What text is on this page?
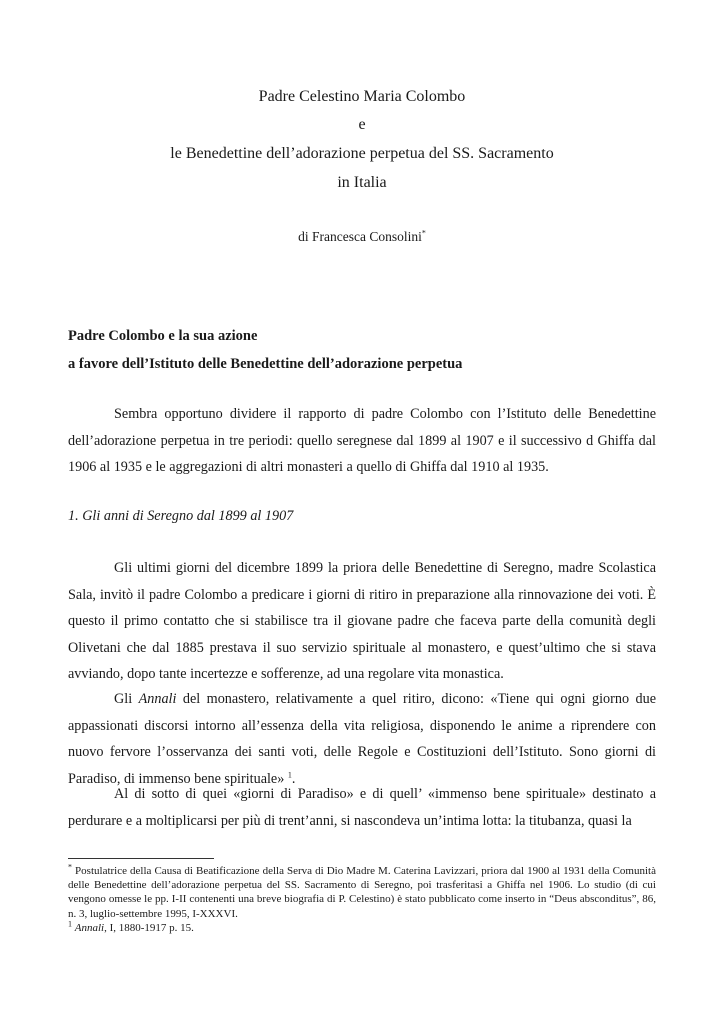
Padre Celestino Maria Colombo
e
le Benedettine dell’adorazione perpetua del SS. Sacramento
in Italia
di Francesca Consolini*
Padre Colombo e la sua azione
a favore dell’Istituto delle Benedettine dell’adorazione perpetua

Sembra opportuno dividere il rapporto di padre Colombo con l’Istituto delle Benedettine dell’adorazione perpetua in tre periodi: quello seregnese dal 1899 al 1907 e il successivo d Ghiffa dal 1906 al 1935 e le aggregazioni di altri monasteri a quello di Ghiffa dal 1910 al 1935.

1. Gli anni di Seregno dal 1899 al 1907

Gli ultimi giorni del dicembre 1899 la priora delle Benedettine di Seregno, madre Scolastica Sala, invitò il padre Colombo a predicare i giorni di ritiro in preparazione alla rinnovazione dei voti. È questo il primo contatto che si stabilisce tra il giovane padre che faceva parte della comunità degli Olivetani che dal 1885 prestava il suo servizio spirituale al monastero, e quest’ultimo che si stava avviando, dopo tante incertezze e sofferenze, ad una regolare vita monastica.

Gli Annali del monastero, relativamente a quel ritiro, dicono: «Tiene qui ogni giorno due appassionati discorsi intorno all’essenza della vita religiosa, disponendo le anime a riprendere con nuovo fervore l’osservanza dei santi voti, delle Regole e Costituzioni dell’Istituto. Sono giorni di Paradiso, di immenso bene spirituale» $^1$.

Al di sotto di quei «giorni di Paradiso» e di quell’ «immenso bene spirituale» destinato a perdurare e a moltiplicarsi per più di trent’anni, si nascondeva un’intima lotta: la titubanza, quasi la

* Postulatrice della Causa di Beatificazione della Serva di Dio Madre M. Caterina Lavizzari, priora dal 1900 al 1931 della Comunità delle Benedettine dell’adorazione perpetua del SS. Sacramento di Seregno, poi trasferitasi a Ghiffa nel 1906. Lo studio (di cui vengono omesse le pp. I-II contenenti una breve biografia di P. Celestino) è stato pubblicato come inserto in “Deus absconditus”, 86, n. 3, luglio-settembre 1995, I-XXXVI.

$^1$ Annali, I, 1880-1917 p. 15.
